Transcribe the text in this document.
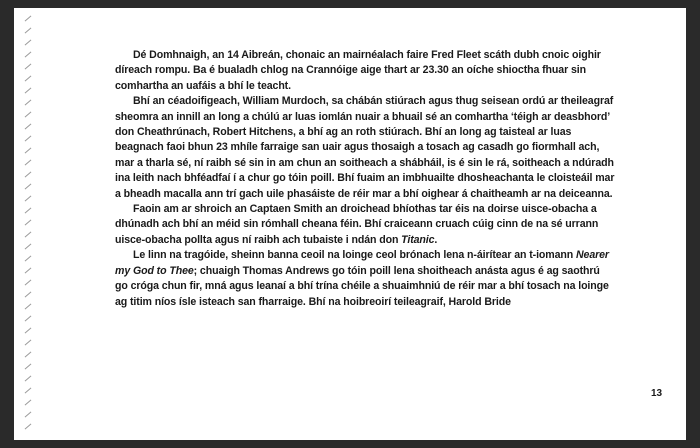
Dé Domhnaigh, an 14 Aibreán, chonaic an mairnéalach faire Fred Fleet scáth dubh cnoic oighir díreach rompu. Ba é bualadh chlog na Crannóige aige thart ar 23.30 an oíche shioctha fhuar sin comhartha an uafáis a bhí le teacht.

Bhí an céadoifigeach, William Murdoch, sa chábán stiúrach agus thug seisean ordú ar theileagraf sheomra an innill an long a chúlú ar luas iomlán nuair a bhuail sé an comhartha ‘téigh ar deasbhord’ don Cheathrúnach, Robert Hitchens, a bhí ag an roth stiúrach. Bhí an long ag taisteal ar luas beagnach faoi bhun 23 mhíle farraige san uair agus thosaigh a tosach ag casadh go fiormhall ach, mar a tharla sé, ní raibh sé sin in am chun an soitheach a shábháil, is é sin le rá, soitheach a ndúradh ina leith nach bhféadfaí í a chur go tóin poill. Bhí fuaim an imbhuailte dhosheachanta le cloisteáil mar a bheadh macalla ann trí gach uile phasáiste de réir mar a bhí oighear á chaitheamh ar na deiceanna.

Faoin am ar shroich an Captaen Smith an droichead bhíothas tar éis na doirse uisce-obacha a dhúnadh ach bhí an méid sin rómhall cheana féin. Bhí craiceann cruach cúig cinn de na sé urrann uisce-obacha pollta agus ní raibh ach tubaiste i ndán don Titanic.

Le linn na tragóide, sheinn banna ceoil na loinge ceol brónach lena n-áirítear an t-iomann Nearer my God to Thee; chuaigh Thomas Andrews go tóin poill lena shoitheach anásta agus é ag saothrú go cróga chun fir, mná agus leanaí a bhí trína chéile a shuaimhniú de réir mar a bhí tosach na loinge ag titim níos ísle isteach san fharraige. Bhí na hoibreoirí teileagraif, Harold Bride

13
